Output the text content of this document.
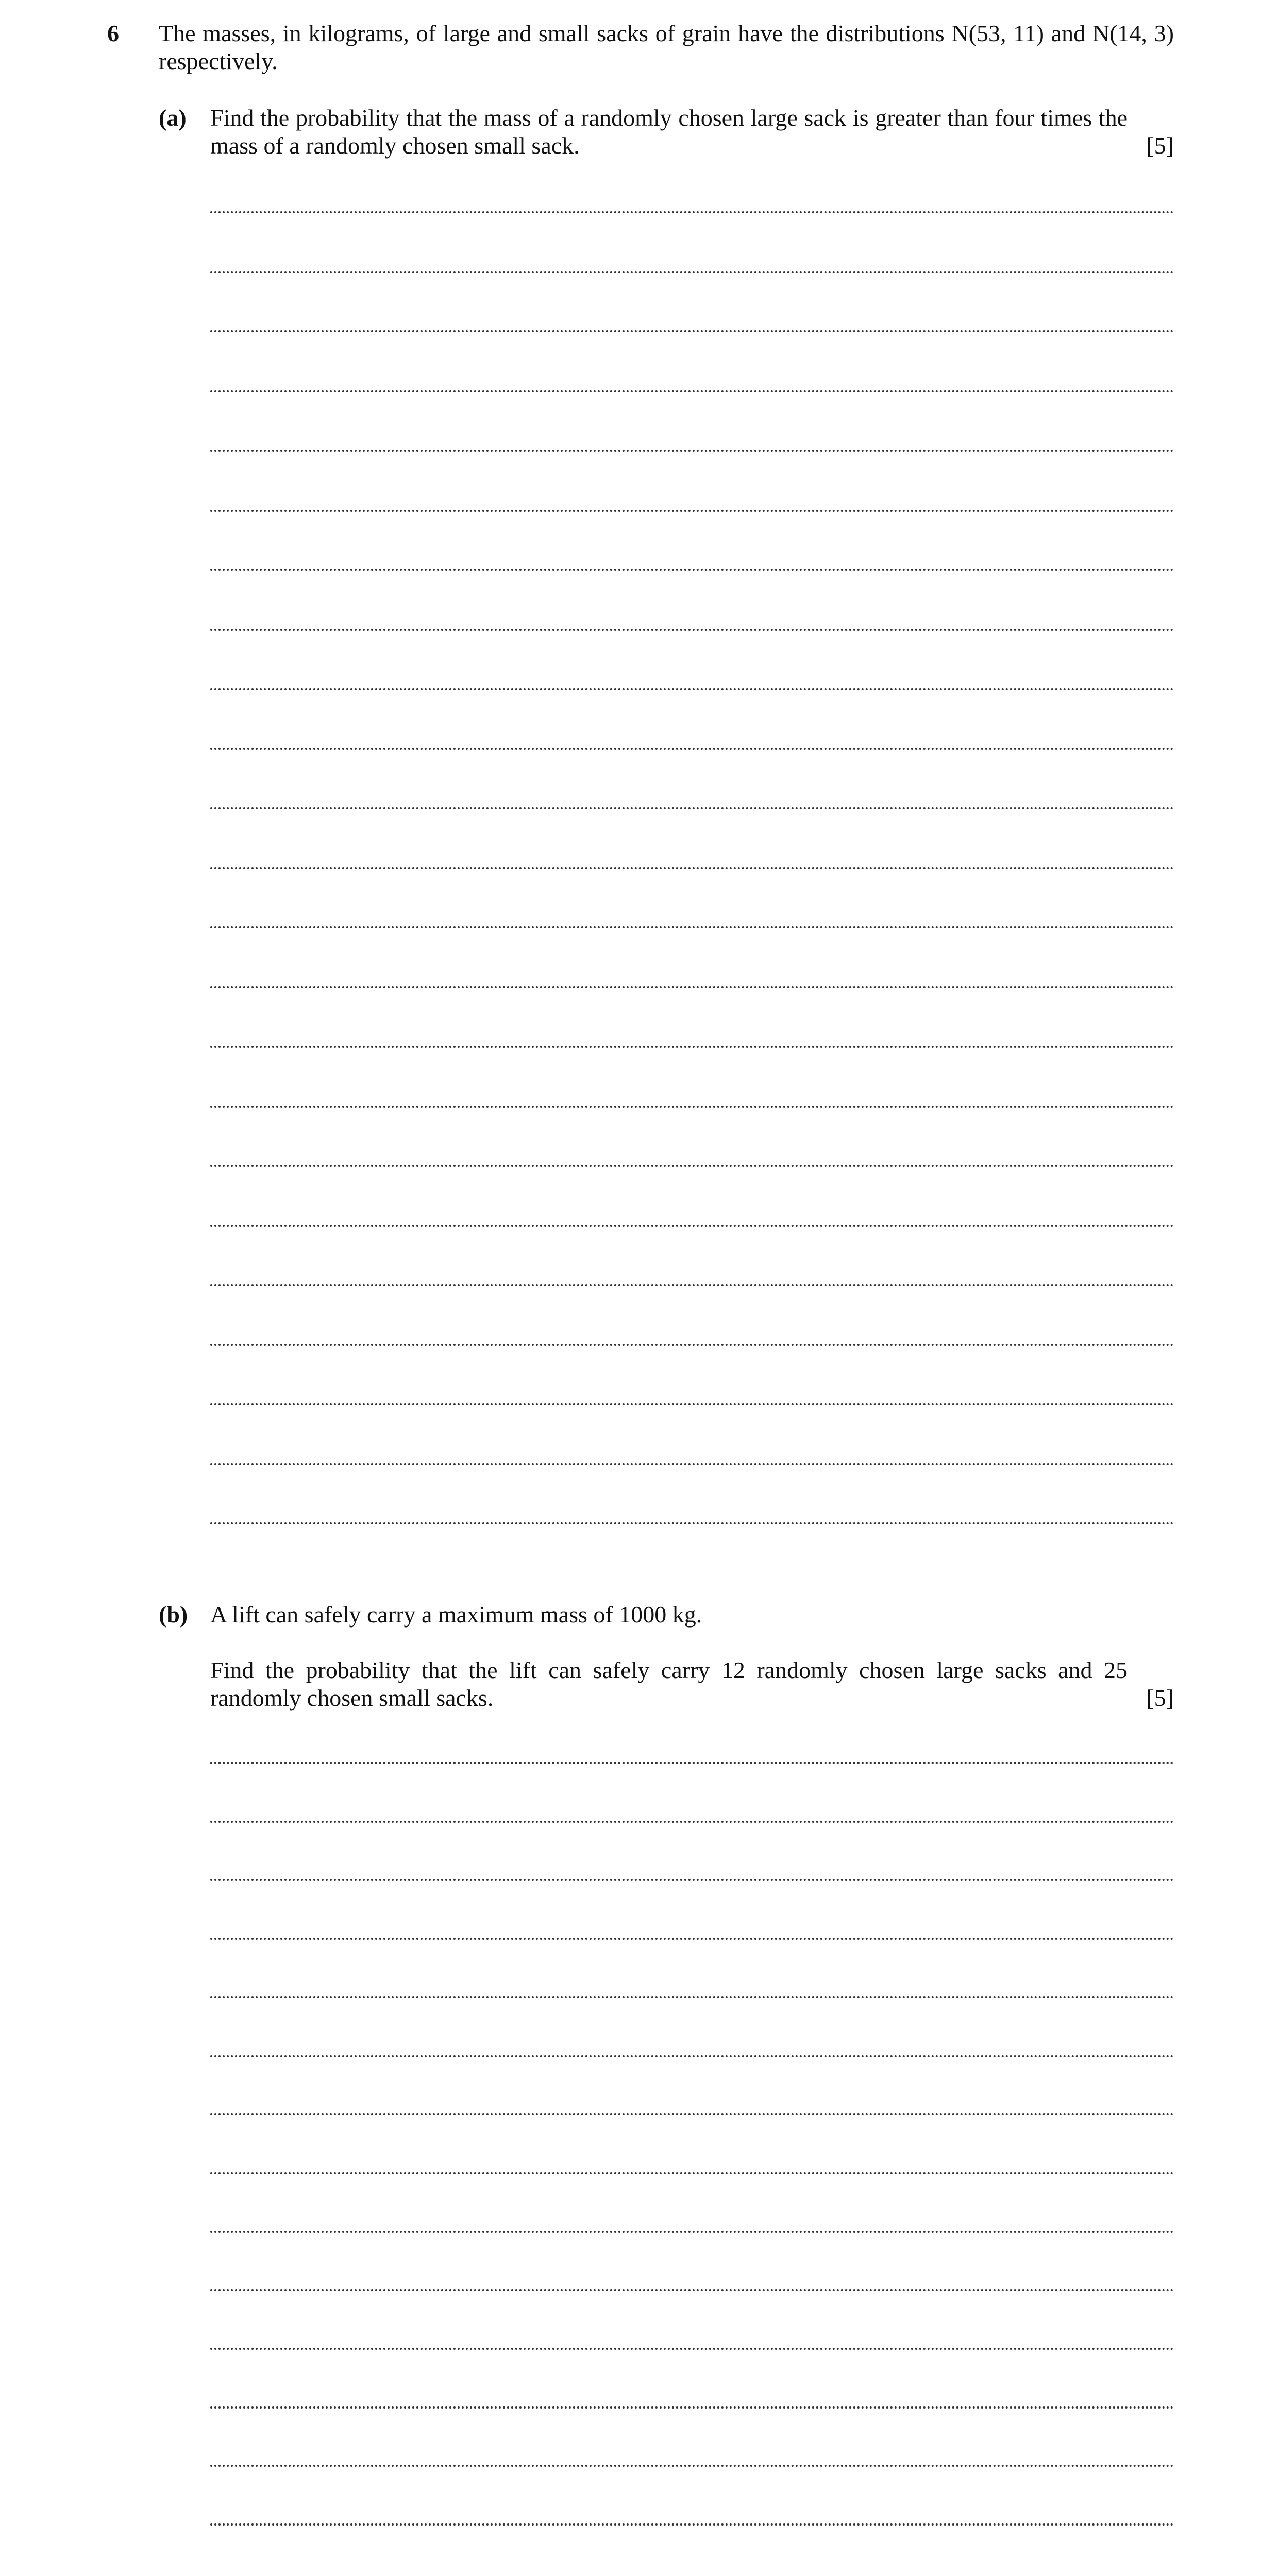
6 The masses, in kilograms, of large and small sacks of grain have the distributions N(53, 11) and N(14, 3) respectively.
(a) Find the probability that the mass of a randomly chosen large sack is greater than four times the mass of a randomly chosen small sack.	[5]
(b) A lift can safely carry a maximum mass of 1000 kg.
Find the probability that the lift can safely carry 12 randomly chosen large sacks and 25 randomly chosen small sacks.	[5]
